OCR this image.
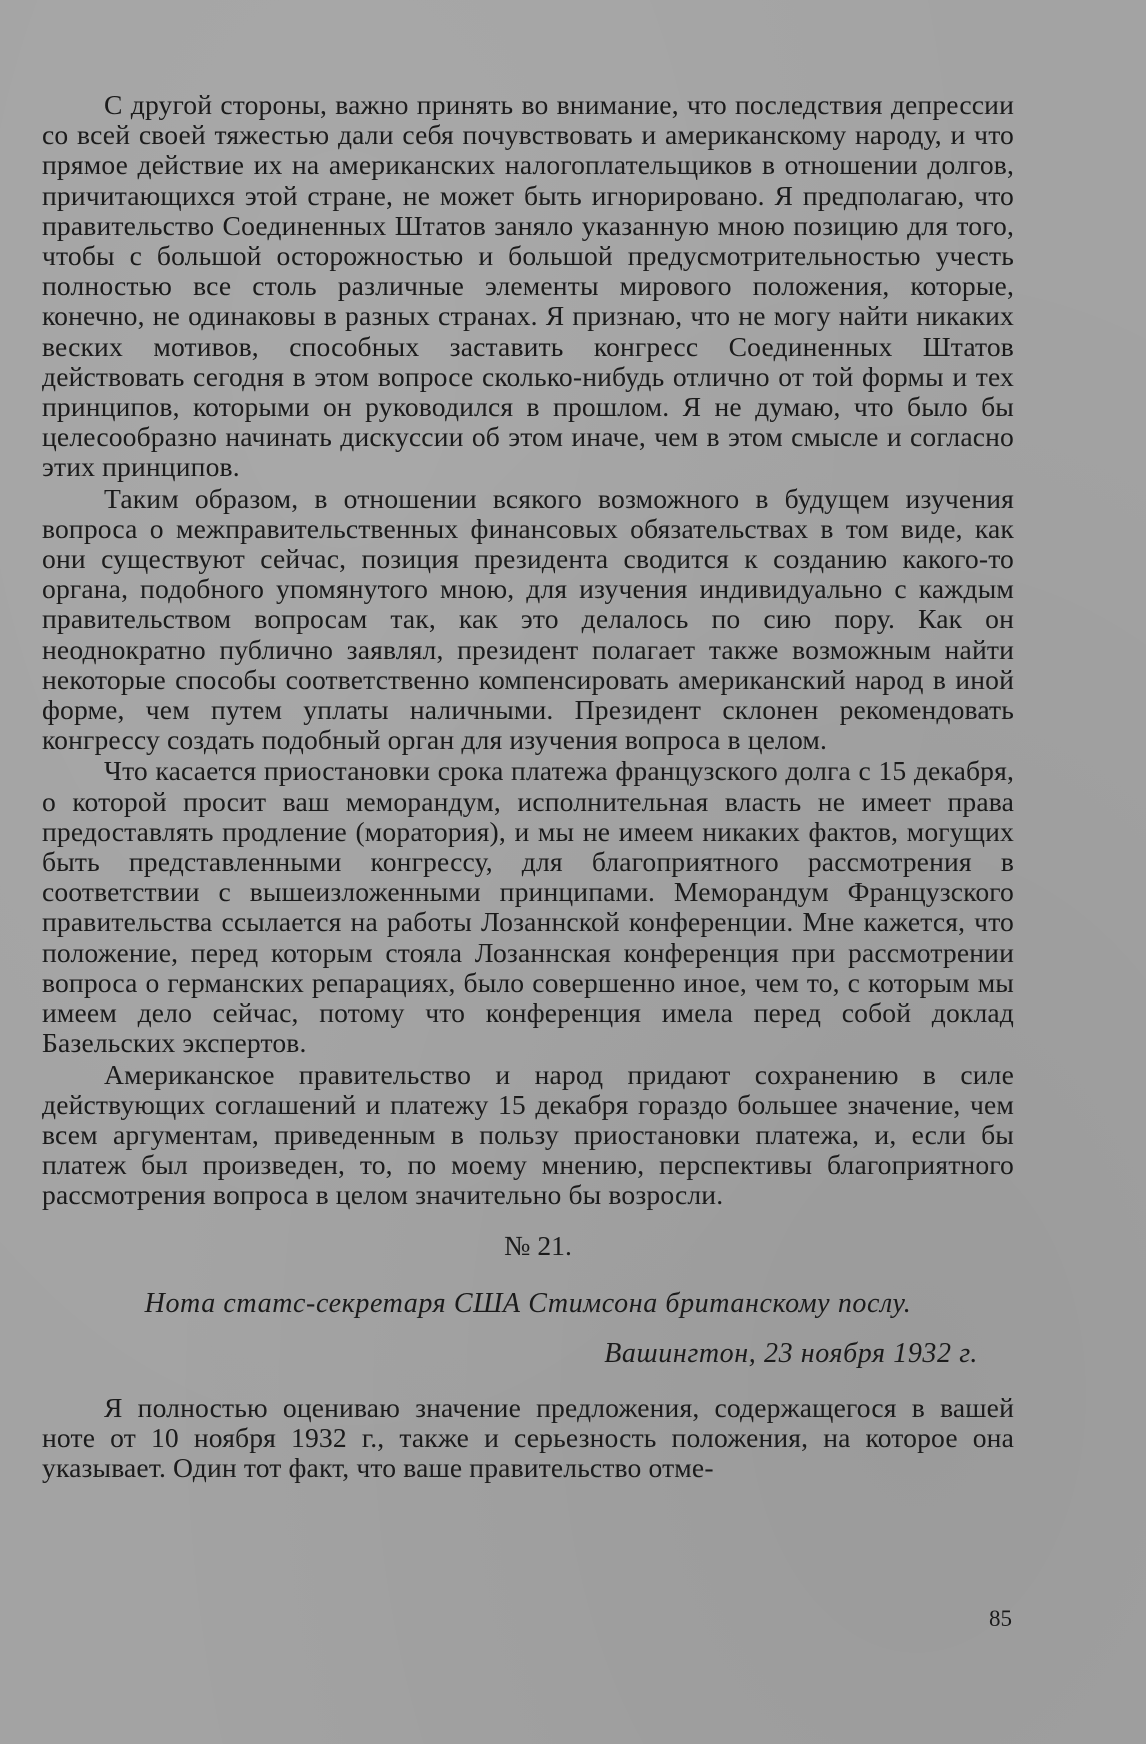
С другой стороны, важно принять во внимание, что последствия депрессии со всей своей тяжестью дали себя почувствовать и американскому народу, и что прямое действие их на американских налогоплательщиков в отношении долгов, причитающихся этой стране, не может быть игнорировано. Я предполагаю, что правительство Соединенных Штатов заняло указанную мною позицию для того, чтобы с большой осторожностью и большой предусмотрительностью учесть полностью все столь различные элементы мирового положения, которые, конечно, не одинаковы в разных странах. Я признаю, что не могу найти никаких веских мотивов, способных заставить конгресс Соединенных Штатов действовать сегодня в этом вопросе сколько-нибудь отлично от той формы и тех принципов, которыми он руководился в прошлом. Я не думаю, что было бы целесообразно начинать дискуссии об этом иначе, чем в этом смысле и согласно этих принципов.

Таким образом, в отношении всякого возможного в будущем изучения вопроса о межправительственных финансовых обязательствах в том виде, как они существуют сейчас, позиция президента сводится к созданию какого-то органа, подобного упомянутого мною, для изучения индивидуально с каждым правительством вопросам так, как это делалось по сию пору. Как он неоднократно публично заявлял, президент полагает также возможным найти некоторые способы соответственно компенсировать американский народ в иной форме, чем путем уплаты наличными. Президент склонен рекомендовать конгрессу создать подобный орган для изучения вопроса в целом.

Что касается приостановки срока платежа французского долга с 15 декабря, о которой просит ваш меморандум, исполнительная власть не имеет права предоставлять продление (моратория), и мы не имеем никаких фактов, могущих быть представленными конгрессу, для благоприятного рассмотрения в соответствии с вышеизложенными принципами. Меморандум Французского правительства ссылается на работы Лозаннской конференции. Мне кажется, что положение, перед которым стояла Лозаннская конференция при рассмотрении вопроса о германских репарациях, было совершенно иное, чем то, с которым мы имеем дело сейчас, потому что конференция имела перед собой доклад Базельских экспертов.

Американское правительство и народ придают сохранению в силе действующих соглашений и платежу 15 декабря гораздо большее значение, чем всем аргументам, приведенным в пользу приостановки платежа, и, если бы платеж был произведен, то, по моему мнению, перспективы благоприятного рассмотрения вопроса в целом значительно бы возросли.

№ 21.
Нота статс-секретаря США Стимсона британскому послу.
Вашингтон, 23 ноября 1932 г.

Я полностью оцениваю значение предложения, содержащегося в вашей ноте от 10 ноября 1932 г., также и серьезность положения, на которое она указывает. Один тот факт, что ваше правительство отме-

85
